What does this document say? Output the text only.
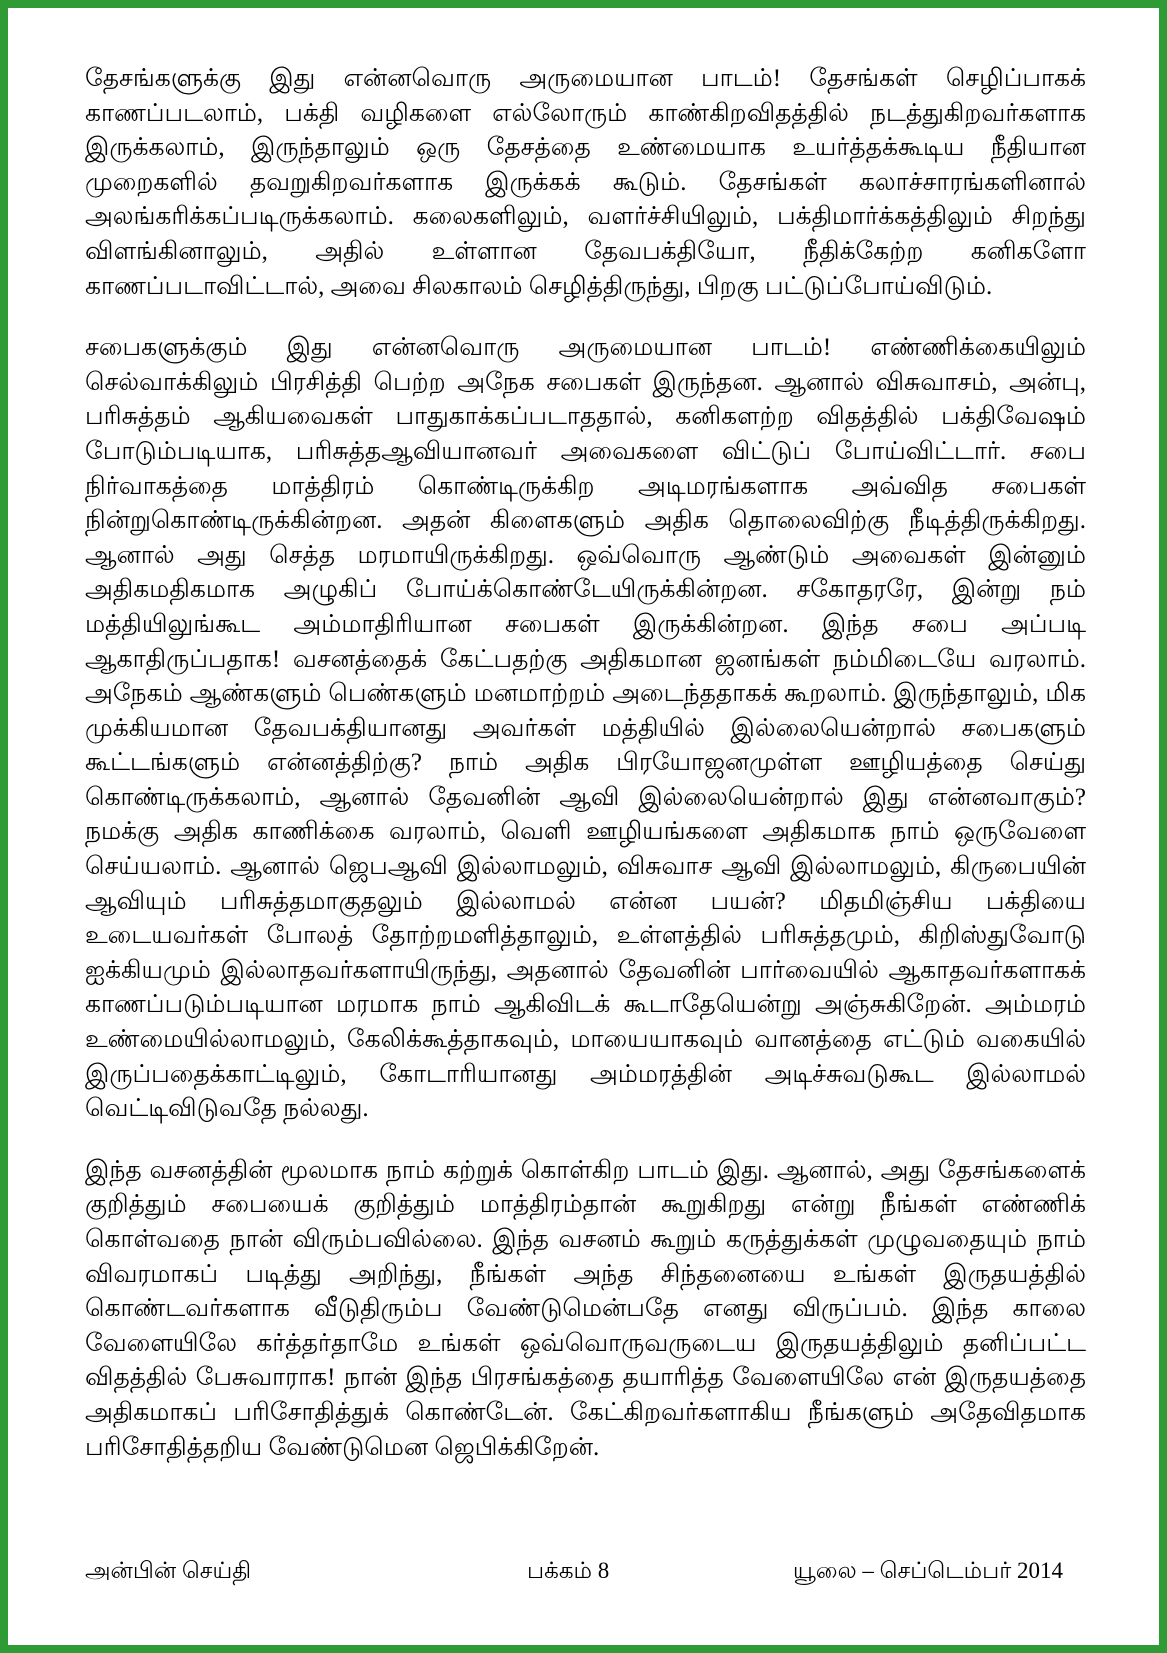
தேசங்களுக்கு இது என்னவொரு அருமையான பாடம்! தேசங்கள் செழிப்பாகக் காணப்படலாம், பக்தி வழிகளை எல்லோரும் காண்கிறவிதத்தில் நடத்துகிறவர்களாக இருக்கலாம், இருந்தாலும் ஒரு தேசத்தை உண்மையாக உயர்த்தக்கூடிய நீதியான முறைகளில் தவறுகிறவர்களாக இருக்கக் கூடும். தேசங்கள் கலாச்சாரங்களினால் அலங்கரிக்கப்படிருக்கலாம். கலைகளிலும், வளர்ச்சியிலும், பக்திமார்க்கத்திலும் சிறந்து விளங்கினாலும், அதில் உள்ளான தேவபக்தியோ, நீதிக்கேற்ற கனிகளோ காணப்படாவிட்டால், அவை சிலகாலம் செழித்திருந்து, பிறகு பட்டுப்போய்விடும்.

சபைகளுக்கும் இது என்னவொரு அருமையான பாடம்! எண்ணிக்கையிலும் செல்வாக்கிலும் பிரசித்தி பெற்ற அநேக சபைகள் இருந்தன. ஆனால் விசுவாசம், அன்பு, பரிசுத்தம் ஆகியவைகள் பாதுகாக்கப்படாததால், கனிகளற்ற விதத்தில் பக்திவேஷம் போடும்படியாக, பரிசுத்தஆவியானவர் அவைகளை விட்டுப் போய்விட்டார். சபை நிர்வாகத்தை மாத்திரம் கொண்டிருக்கிற அடிமரங்களாக அவ்வித சபைகள் நின்றுகொண்டிருக்கின்றன. அதன் கிளைகளும் அதிக தொலைவிற்கு நீடித்திருக்கிறது. ஆனால் அது செத்த மரமாயிருக்கிறது. ஒவ்வொரு ஆண்டும் அவைகள் இன்னும் அதிகமதிகமாக அழுகிப் போய்க்கொண்டேயிருக்கின்றன. சகோதரரே, இன்று நம் மத்தியிலுங்கூட அம்மாதிரியான சபைகள் இருக்கின்றன. இந்த சபை அப்படி ஆகாதிருப்பதாக! வசனத்தைக் கேட்பதற்கு அதிகமான ஜனங்கள் நம்மிடையே வரலாம். அநேகம் ஆண்களும் பெண்களும் மனமாற்றம் அடைந்ததாகக் கூறலாம். இருந்தாலும், மிக முக்கியமான தேவபக்தியானது அவர்கள் மத்தியில் இல்லையென்றால் சபைகளும் கூட்டங்களும் என்னத்திற்கு? நாம் அதிக பிரயோஜனமுள்ள ஊழியத்தை செய்து கொண்டிருக்கலாம், ஆனால் தேவனின் ஆவி இல்லையென்றால் இது என்னவாகும்? நமக்கு அதிக காணிக்கை வரலாம், வெளி ஊழியங்களை அதிகமாக நாம் ஒருவேளை செய்யலாம். ஆனால் ஜெபஆவி இல்லாமலும், விசுவாச ஆவி இல்லாமலும், கிருபையின் ஆவியும் பரிசுத்தமாகுதலும் இல்லாமல் என்ன பயன்? மிதமிஞ்சிய பக்தியை உடையவர்கள் போலத் தோற்றமளித்தாலும், உள்ளத்தில் பரிசுத்தமும், கிறிஸ்துவோடு ஐக்கியமும் இல்லாதவர்களாயிருந்து, அதனால் தேவனின் பார்வையில் ஆகாதவர்களாகக் காணப்படும்படியான மரமாக நாம் ஆகிவிடக் கூடாதேயென்று அஞ்சுகிறேன். அம்மரம் உண்மையில்லாமலும், கேலிக்கூத்தாகவும், மாயையாகவும் வானத்தை எட்டும் வகையில் இருப்பதைக்காட்டிலும், கோடாரியானது அம்மரத்தின் அடிச்சுவடுகூட இல்லாமல் வெட்டிவிடுவதே நல்லது.

இந்த வசனத்தின் மூலமாக நாம் கற்றுக் கொள்கிற பாடம் இது. ஆனால், அது தேசங்களைக் குறித்தும் சபையைக் குறித்தும் மாத்திரம்தான் கூறுகிறது என்று நீங்கள் எண்ணிக் கொள்வதை நான் விரும்பவில்லை. இந்த வசனம் கூறும் கருத்துக்கள் முழுவதையும் நாம் விவரமாகப் படித்து அறிந்து, நீங்கள் அந்த சிந்தனையை உங்கள் இருதயத்தில் கொண்டவர்களாக வீடுதிரும்ப வேண்டுமென்பதே எனது விருப்பம். இந்த காலை வேளையிலே கர்த்தர்தாமே உங்கள் ஒவ்வொருவருடைய இருதயத்திலும் தனிப்பட்ட விதத்தில் பேசுவாராக! நான் இந்த பிரசங்கத்தை தயாரித்த வேளையிலே என் இருதயத்தை அதிகமாகப் பரிசோதித்துக் கொண்டேன். கேட்கிறவர்களாகிய நீங்களும் அதேவிதமாக பரிசோதித்தறிய வேண்டுமென ஜெபிக்கிறேன்.

அன்பின் செய்தி	பக்கம் 8	யூலை – செப்டெம்பர் 2014
